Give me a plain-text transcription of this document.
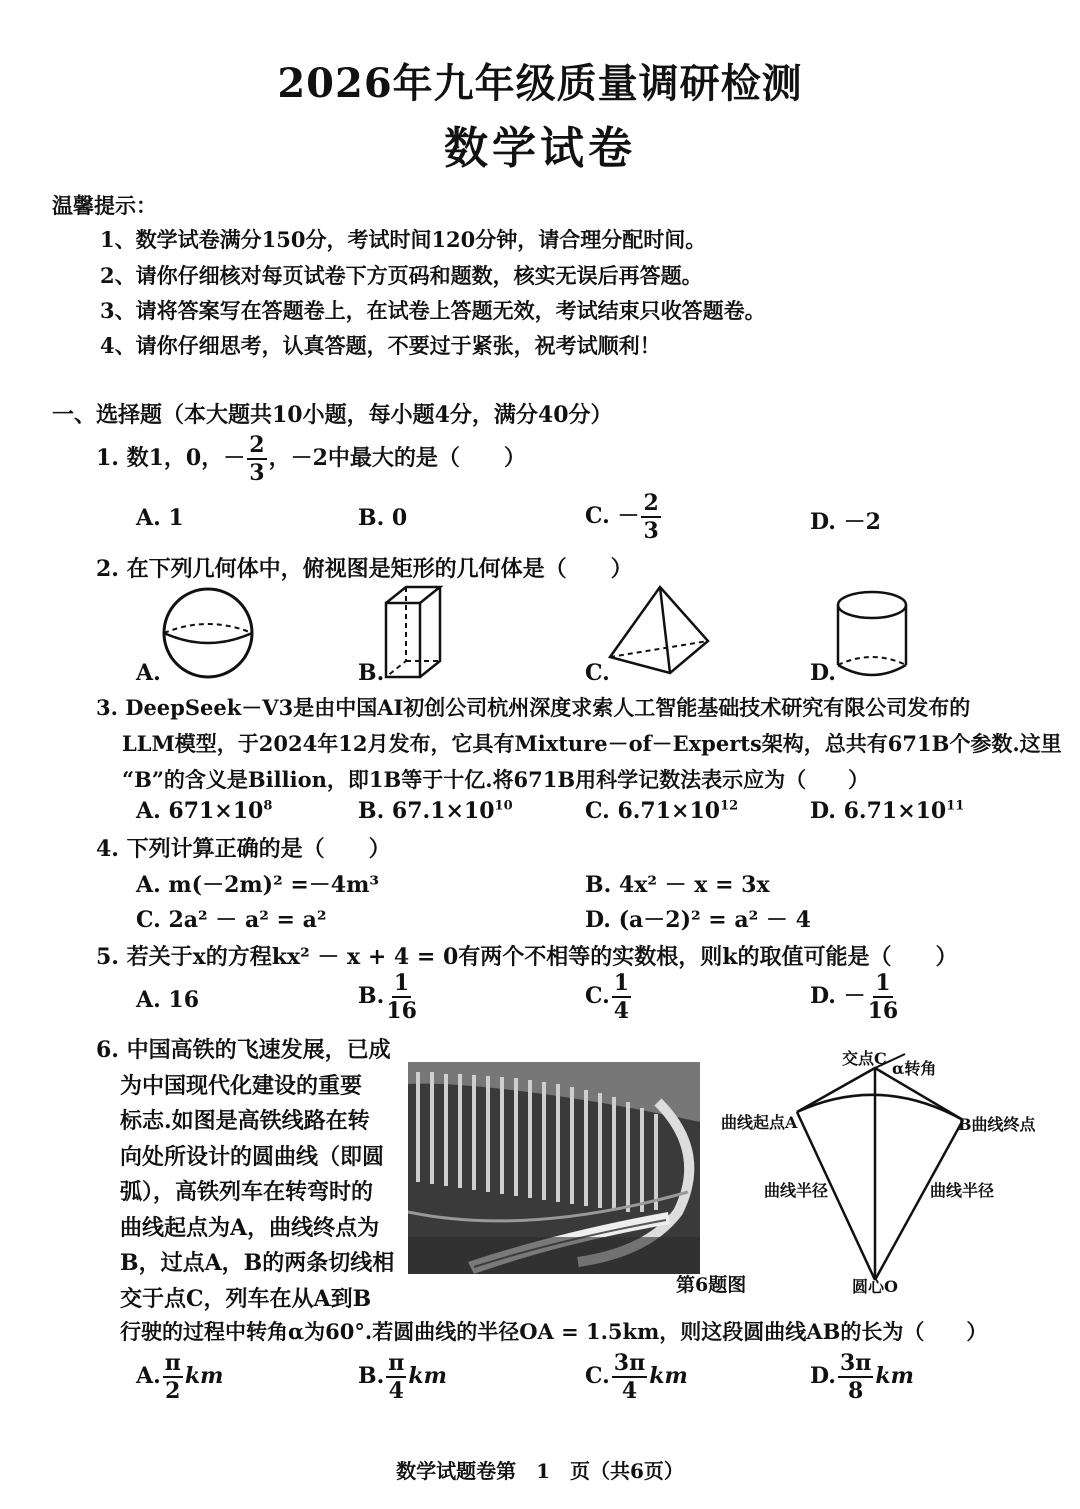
2026年九年级质量调研检测
数学试卷
温馨提示：
1、数学试卷满分150分，考试时间120分钟，请合理分配时间。
2、请你仔细核对每页试卷下方页码和题数，核实无误后再答题。
3、请将答案写在答题卷上，在试卷上答题无效，考试结束只收答题卷。
4、请你仔细思考，认真答题，不要过于紧张，祝考试顺利！
一、选择题（本大题共10小题，每小题4分，满分40分）
1. 数1，0，－ $\frac{2}{3}$ ，－2中最大的是（　　）
A. 1	B. 0	C. － $\frac{2}{3}$	D. －2
2. 在下列几何体中，俯视图是矩形的几何体是（　　）
A.	B.	C.	D.
3. DeepSeek－V3是由中国AI初创公司杭州深度求索人工智能基础技术研究有限公司发布的
LLM模型，于2024年12月发布，它具有Mixture－of－Experts架构，总共有671B个参数.这里
“B”的含义是Billion，即1B等于十亿.将671B用科学记数法表示应为（　　）
A. $671\times 10^8$	B. $67.1\times 10^{10}$	C. $6.71\times 10^{12}$	D. $6.71\times 10^{11}$
4. 下列计算正确的是（　　）
A. m(－2m)² =－4m³	B. 4x² － x = 3x
C. 2a² － a² = a²	D. (a－2)² = a² － 4
5. 若关于x的方程kx² － x + 4 = 0有两个不相等的实数根，则k的取值可能是（　　）
A. 16	B. $\frac{1}{16}$	C. $\frac{1}{4}$	D. － $\frac{1}{16}$
6. 中国高铁的飞速发展，已成
为中国现代化建设的重要
标志.如图是高铁线路在转
向处所设计的圆曲线（即圆
弧），高铁列车在转弯时的
曲线起点为A，曲线终点为
B，过点A，B的两条切线相
交于点C，列车在从A到B
第6题图
交点C
α转角
曲线起点A	B曲线终点
曲线半径	曲线半径
圆心O
行驶的过程中转角α为60°.若圆曲线的半径OA = 1.5km，则这段圆曲线AB的长为（　　）
A. $\frac{\pi}{2}$ km	B. $\frac{\pi}{4}$ km	C. $\frac{3\pi}{4}$ km	D. $\frac{3\pi}{8}$ km
数学试题卷第　1　页（共6页）
